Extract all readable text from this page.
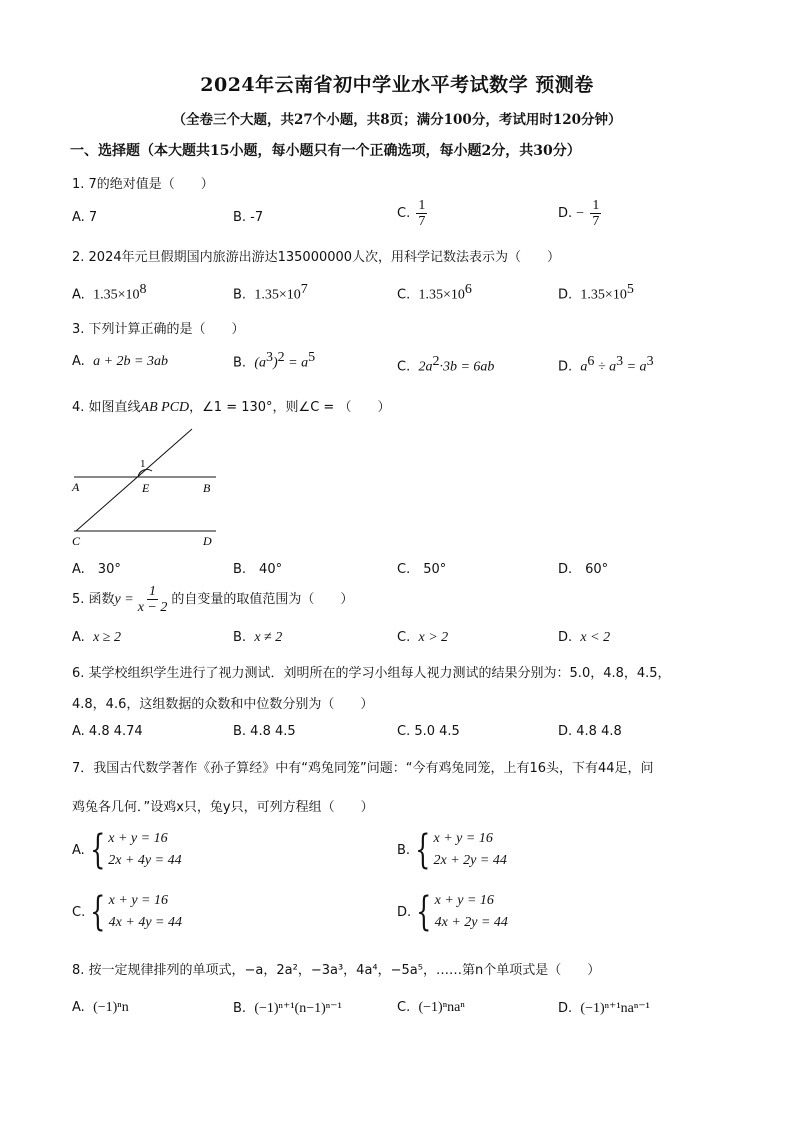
2024年云南省初中学业水平考试数学 预测卷
（全卷三个大题，共27个小题，共8页；满分100分，考试用时120分钟）
一、选择题（本大题共15小题，每小题只有一个正确选项，每小题2分，共30分）
1. 7的绝对值是（　　）
A. 7	B. -7	C. $\frac{1}{7}$	D. − $\frac{1}{7}$
2. 2024年元旦假期国内旅游出游达135000000人次，用科学记数法表示为（　　）
A. $1.35\times 10^8$	B. $1.35\times 10^7$	C. $1.35\times 10^6$	D. $1.35\times 10^5$
3. 下列计算正确的是（　　）
A. a + 2b = 3ab	B. $(a^3)^2 = a^5$
C. $2a^2\cdot 3b = 6ab$	D. $a^6 \div a^3 = a^3$
4. 如图直线AB PCD，∠1 = 130°，则∠C = （　　）
A	E	B
1
C	D
A.　30°	B.　40°	C.　50°	D.　60°
5. 函数$y = \frac{1}{x - 2}$ 的自变量的取值范围为（　　）
A. x ≥ 2	B. x ≠ 2	C. x > 2	D. x < 2
6. 某学校组织学生进行了视力测试．刘明所在的学习小组每人视力测试的结果分别为：5.0，4.8，4.5，
4.8，4.6，这组数据的众数和中位数分别为（　　）
A. 4.8 4.74	B. 4.8 4.5	C. 5.0 4.5	D. 4.8 4.8
7．我国古代数学著作《孙子算经》中有“鸡兔同笼”问题：“今有鸡兔同笼，上有16头，下有44足，问
鸡兔各几何．”设鸡x只，兔y只，可列方程组（　　）
A. { x + y = 16
2x + 4y = 44
B. { x + y = 16
2x + 2y = 44
C. { x + y = 16
4x + 4y = 44
D. { x + y = 16
4x + 2y = 44
8. 按一定规律排列的单项式，−a，2a²，−3a³，4a⁴，−5a⁵，……第n个单项式是（　　）
A. (−1)ⁿn	B. (−1)ⁿ⁺¹(n−1)ⁿ⁻¹	C. (−1)ⁿnaⁿ	D. (−1)ⁿ⁺¹naⁿ⁻¹
